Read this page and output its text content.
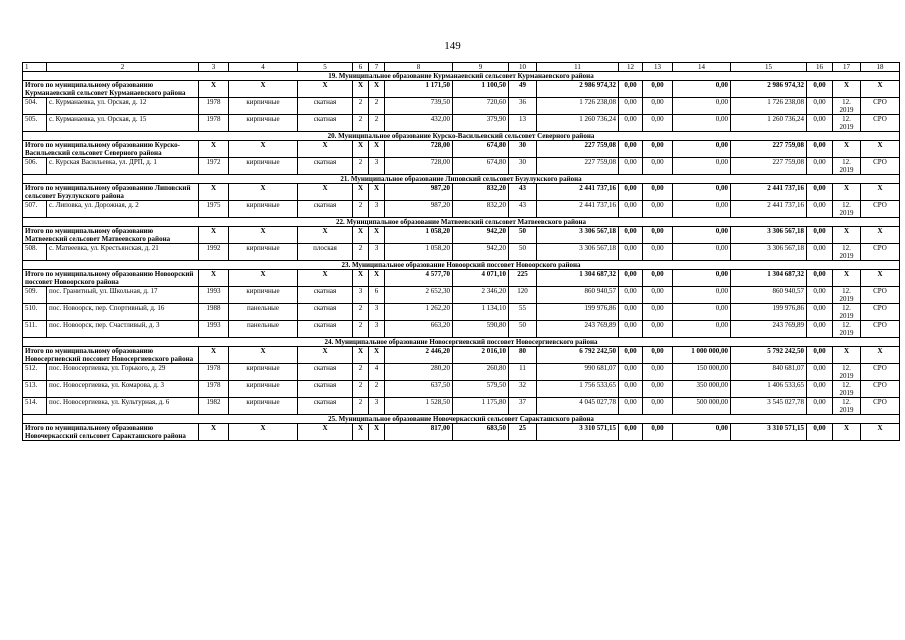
149
1	2	3	4	5	6	7	8	9	10	11	12	13	14	15	16	17	18
19. Муниципальное образование Курманаевский сельсовет Курманаевского района																	
Итого по муниципальному образованию Курманаевский сельсовет Курманаевского района		X	X	X	X	X	1 171,50	1 100,50	49	2 986 974,32	0,00	0,00	0,00	2 986 974,32	0,00	X	X
504.	с. Курманаевка, ул. Орская, д. 12	1978	кирпичные	скатная	2	2	739,50	720,60	36	1 726 238,08	0,00	0,00	0,00	1 726 238,08	0,00	12. 2019	СРО
505.	с. Курманаевка, ул. Орская, д. 15	1978	кирпичные	скатная	2	2	432,00	379,90	13	1 260 736,24	0,00	0,00	0,00	1 260 736,24	0,00	12. 2019	СРО
20. Муниципальное образование Курско-Васильевский сельсовет Северного района																	
Итого по муниципальному образованию Курско-Васильевский сельсовет Северного района		X	X	X	X	X	728,00	674,80	30	227 759,08	0,00	0,00	0,00	227 759,08	0,00	X	X
506.	с. Курская Васильевка, ул. ДРП, д. 1	1972	кирпичные	скатная	2	3	728,00	674,80	30	227 759,08	0,00	0,00	0,00	227 759,08	0,00	12. 2019	СРО
21. Муниципальное образование Липовский сельсовет Бузулукского района																	
Итого по муниципальному образованию Липовский сельсовет Бузулукского района		X	X	X	X	X	987,20	832,20	43	2 441 737,16	0,00	0,00	0,00	2 441 737,16	0,00	X	X
507.	с. Липовка, ул. Дорожная, д. 2	1975	кирпичные	скатная	2	3	987,20	832,20	43	2 441 737,16	0,00	0,00	0,00	2 441 737,16	0,00	12. 2019	СРО
22. Муниципальное образование Матвеевский сельсовет Матвеевского района																	
Итого по муниципальному образованию Матвеевский сельсовет Матвеевского района		X	X	X	X	X	1 058,20	942,20	50	3 306 567,18	0,00	0,00	0,00	3 306 567,18	0,00	X	X
508.	с. Матвеевка, ул. Крестьянская, д. 21	1992	кирпичные	плоская	2	3	1 058,20	942,20	50	3 306 567,18	0,00	0,00	0,00	3 306 567,18	0,00	12. 2019	СРО
23. Муниципальное образование Новоорский поссовет Новоорского района																	
Итого по муниципальному образованию Новоорский поссовет Новоорского района		X	X	X	X	X	4 577,70	4 071,10	225	1 304 687,32	0,00	0,00	0,00	1 304 687,32	0,00	X	X
509.	пос. Гранитный, ул. Школьная, д. 17	1993	кирпичные	скатная	3	6	2 652,30	2 346,20	120	860 940,57	0,00	0,00	0,00	860 940,57	0,00	12. 2019	СРО
510.	пос. Новоорск, пер. Спортивный, д. 16	1988	панельные	скатная	2	3	1 262,20	1 134,10	55	199 976,86	0,00	0,00	0,00	199 976,86	0,00	12. 2019	СРО
511.	пос. Новоорск, пер. Счастливый, д. 3	1993	панельные	скатная	2	3	663,20	590,80	50	243 769,89	0,00	0,00	0,00	243 769,89	0,00	12. 2019	СРО
24. Муниципальное образование Новосергиевский поссовет Новосергиевского района																	
Итого по муниципальному образованию Новосергиевский поссовет Новосергиевского района		X	X	X	X	X	2 446,20	2 016,10	80	6 792 242,50	0,00	0,00	1 000 000,00	5 792 242,50	0,00	X	X
512.	пос. Новосергиевка, ул. Горького, д. 29	1978	кирпичные	скатная	2	4	280,20	260,80	11	990 681,07	0,00	0,00	150 000,00	840 681,07	0,00	12. 2019	СРО
513.	пос. Новосергиевка, ул. Комарова, д. 3	1978	кирпичные	скатная	2	2	637,50	579,50	32	1 756 533,65	0,00	0,00	350 000,00	1 406 533,65	0,00	12. 2019	СРО
514.	пос. Новосергиевка, ул. Культурная, д. 6	1982	кирпичные	скатная	2	3	1 528,50	1 175,80	37	4 045 027,78	0,00	0,00	500 000,00	3 545 027,78	0,00	12. 2019	СРО
25. Муниципальное образование Новочеркасский сельсовет Саракташского района																	
Итого по муниципальному образованию Новочеркасский сельсовет Саракташского района		X	X	X	X	X	817,00	683,50	25	3 310 571,15	0,00	0,00	0,00	3 310 571,15	0,00	X	X
